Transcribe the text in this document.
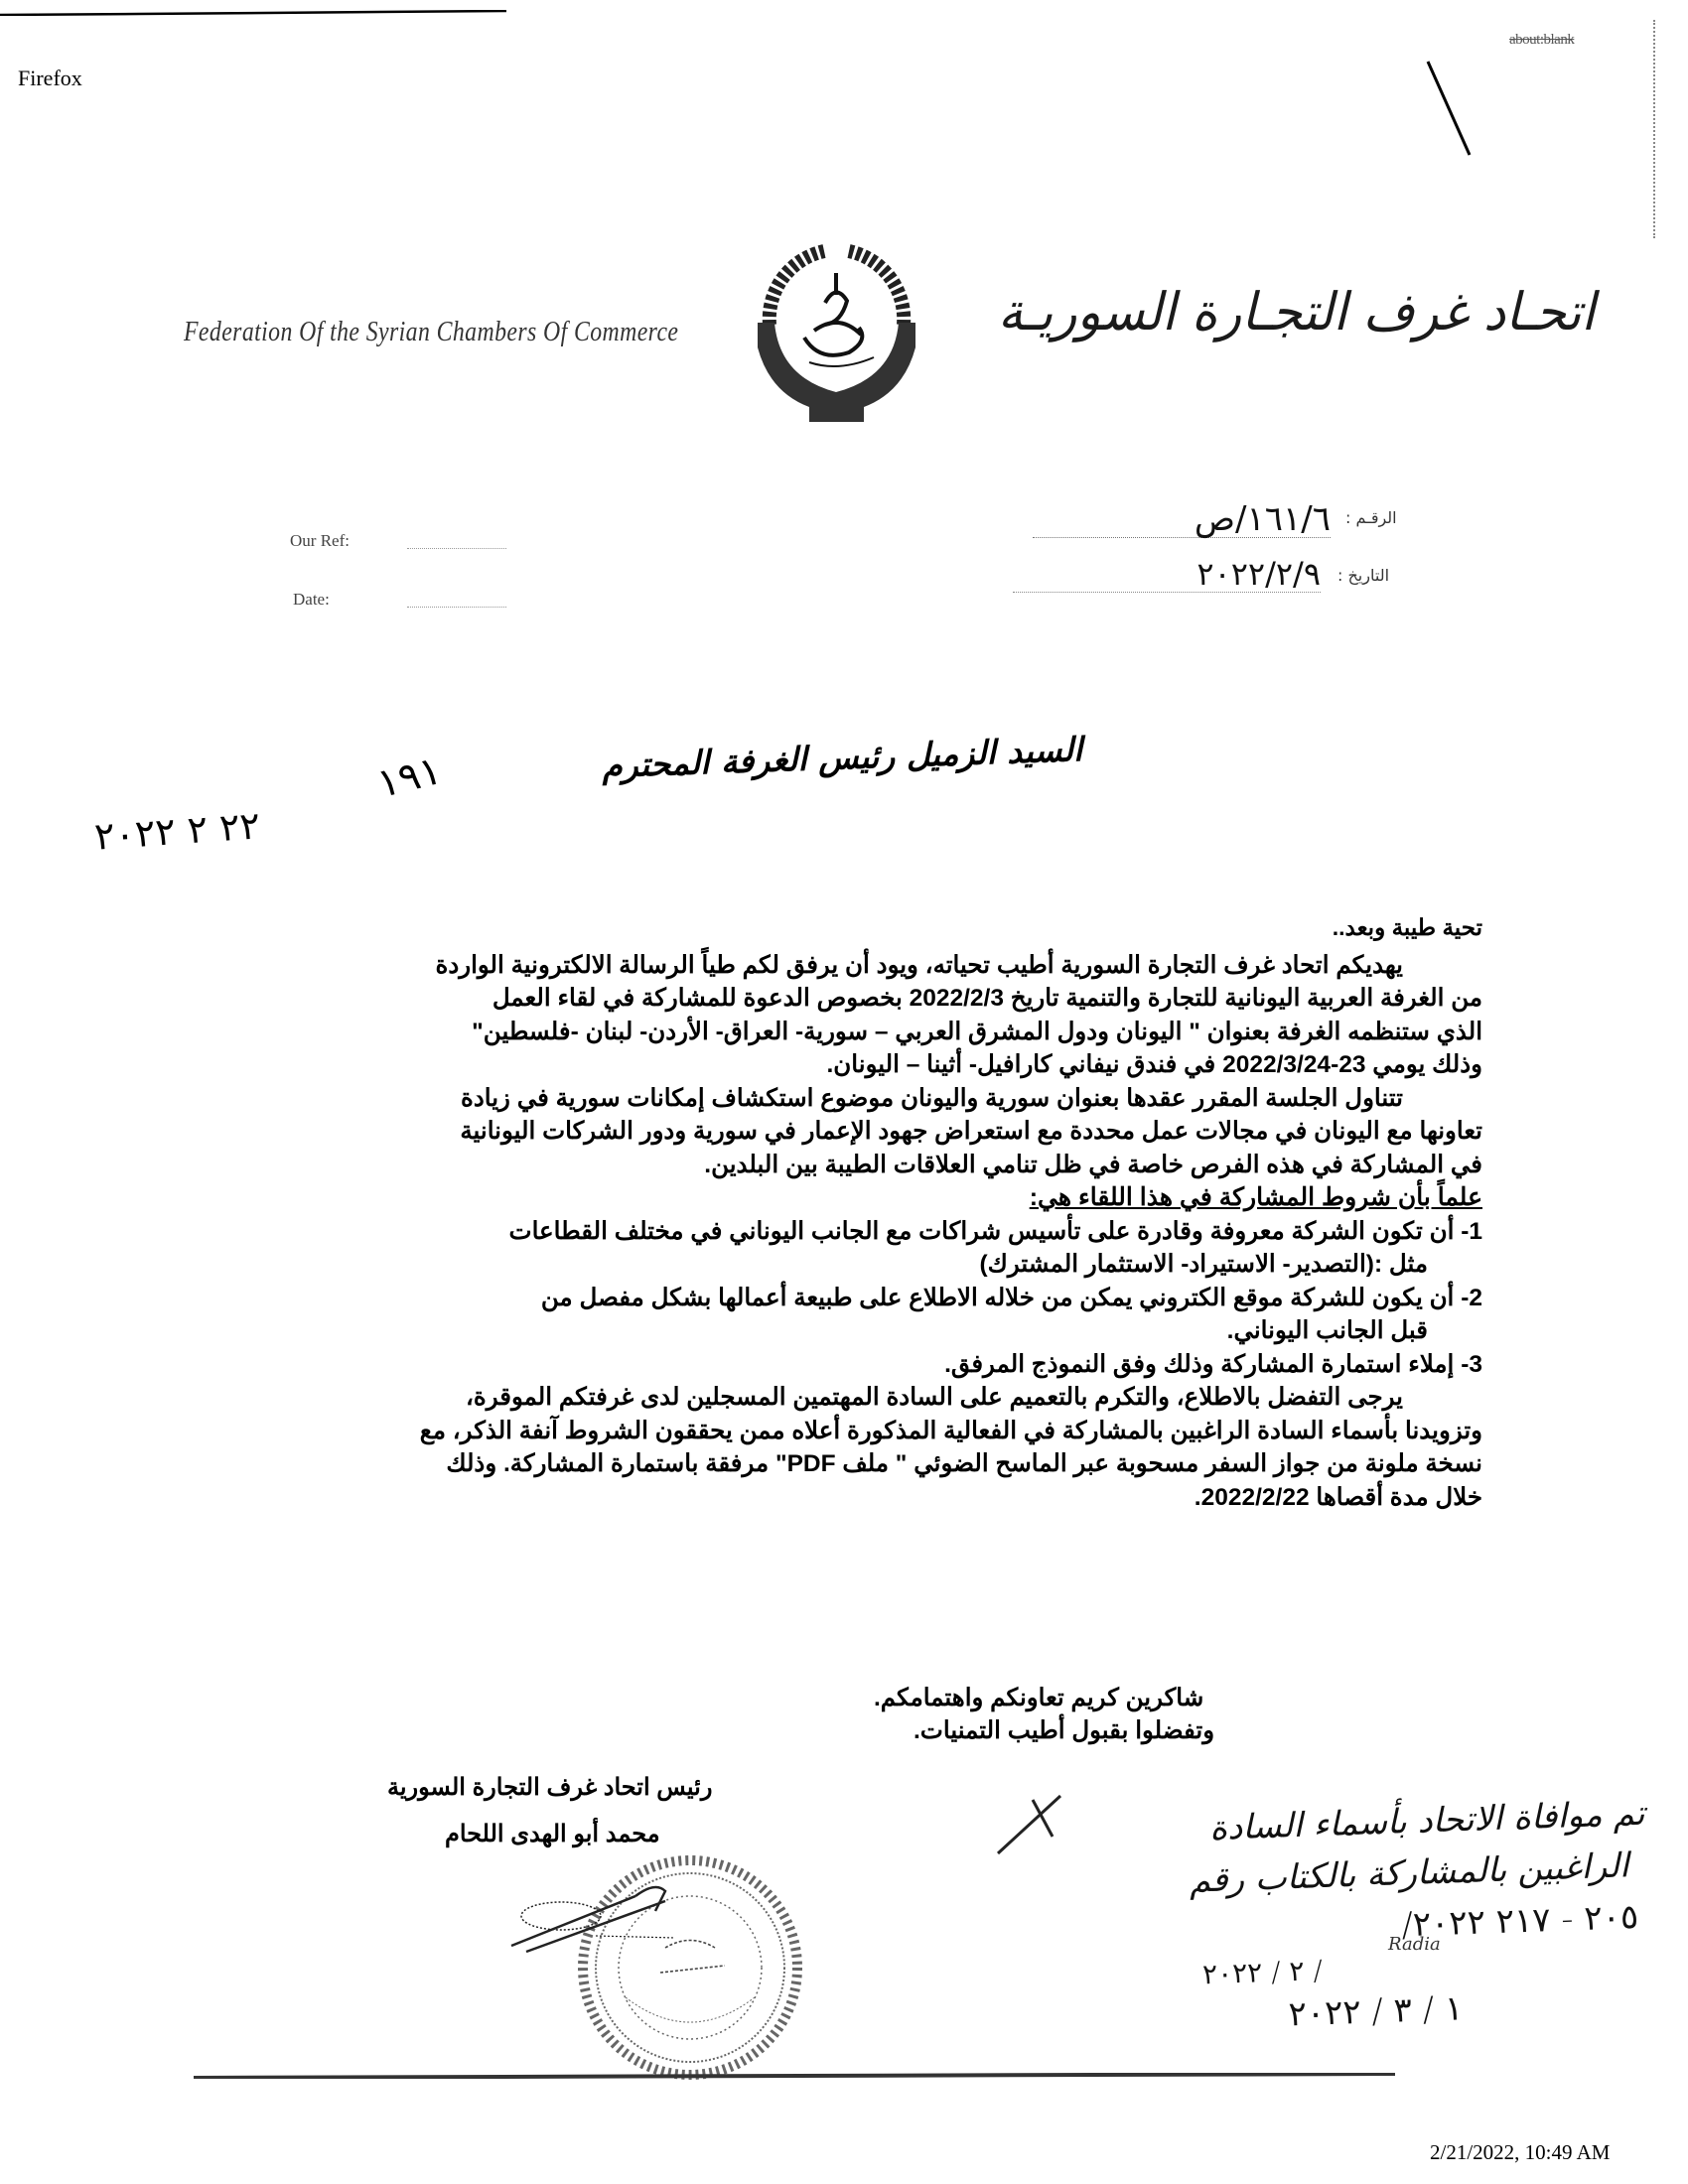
Firefox
about:blank
Federation Of the Syrian Chambers Of Commerce	اتحـاد غرف التجـارة السوريـة
Our Ref:
Date:
الرقـم :
١٦١/٦/ص
التاريخ :
٢٠٢٢/٢/٩
السيد الزميل رئيس الغرفة المحترم
١٩١
٢٢ ٢ ٢٠٢٢

تحية طيبة وبعد..

يهديكم اتحاد غرف التجارة السورية أطيب تحياته، ويود أن يرفق لكم طياً الرسالة الالكترونية الواردة

من الغرفة العربية اليونانية للتجارة والتنمية تاريخ 2022/2/3 بخصوص الدعوة للمشاركة في لقاء العمل

الذي ستنظمه الغرفة بعنوان " اليونان ودول المشرق العربي – سورية- العراق- الأردن- لبنان -فلسطين"

وذلك يومي 23-2022/3/24 في فندق نيفاني كارافيل- أثينا – اليونان.

تتناول الجلسة المقرر عقدها بعنوان سورية واليونان موضوع استكشاف إمكانات سورية في زيادة

تعاونها مع اليونان في مجالات عمل محددة مع استعراض جهود الإعمار في سورية ودور الشركات اليونانية

في المشاركة في هذه الفرص خاصة في ظل تنامي العلاقات الطيبة بين البلدين.

علماً بأن شروط المشاركة في هذا اللقاء هي:

1- أن تكون الشركة معروفة وقادرة على تأسيس شراكات مع الجانب اليوناني في مختلف القطاعات

مثل :(التصدير- الاستيراد- الاستثمار المشترك)

2- أن يكون للشركة موقع الكتروني يمكن من خلاله الاطلاع على طبيعة أعمالها بشكل مفصل من

قبل الجانب اليوناني.

3- إملاء استمارة المشاركة وذلك وفق النموذج المرفق.

يرجى التفضل بالاطلاع، والتكرم بالتعميم على السادة المهتمين المسجلين لدى غرفتكم الموقرة،

وتزويدنا بأسماء السادة الراغبين بالمشاركة في الفعالية المذكورة أعلاه ممن يحققون الشروط آنفة الذكر، مع

نسخة ملونة من جواز السفر مسحوبة عبر الماسح الضوئي " ملف PDF" مرفقة باستمارة المشاركة. وذلك

خلال مدة أقصاها 2022/2/22.

شاكرين كريم تعاونكم واهتمامكم.
وتفضلوا بقبول أطيب التمنيات.
رئيس اتحاد غرف التجارة السورية
محمد أبو الهدى اللحام	تم موافاة الاتحاد بأسماء السادة
الراغبين بالمشاركة بالكتاب رقم
٢٠٥ - ٢١٧ ٢٠٢٢/
/ ٢ / ٢٠٢٢
١ / ٣ / ٢٠٢٢
Radia
2/21/2022, 10:49 AM
